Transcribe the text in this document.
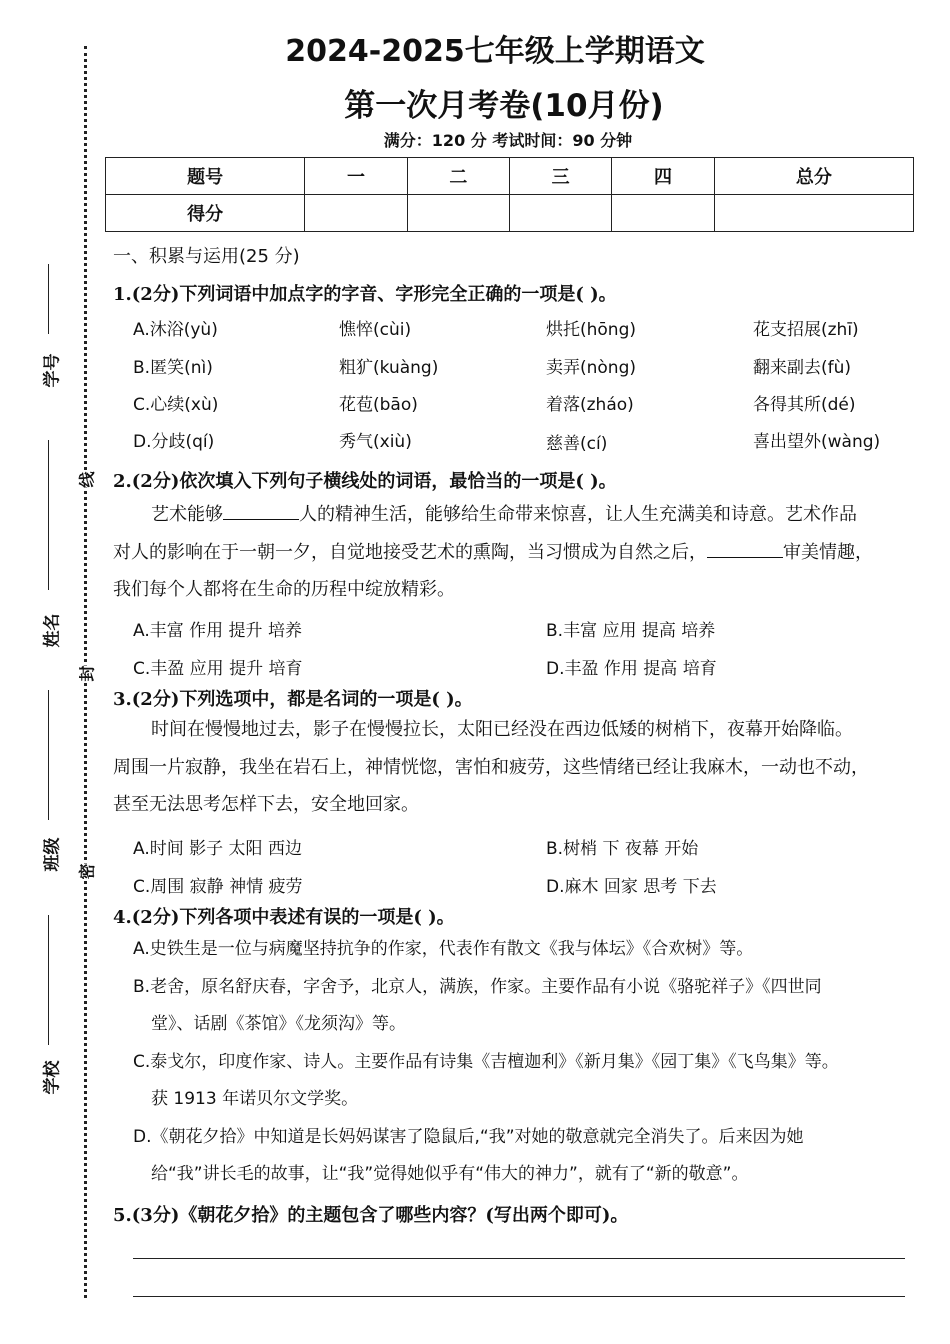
学号
姓名
班级
学校
线
封
密
2024-2025七年级上学期语文
第一次月考卷(10月份)
满分：120 分 考试时间：90 分钟
题号	一	二	三	四	总分
得分					
一、积累与运用(25 分)
1.(2分)下列词语中加点字的字音、字形完全正确的一项是( )。
A.沐浴(yù)	憔悴(cùi)	烘托(hōng)	花支招展(zhī)
B.匿笑(nì)	粗犷(kuàng)	卖弄(nòng)	翻来副去(fù)
C.心续(xù)	花苞(bāo)	着落(zháo)	各得其所(dé)
D.分歧(qí)	秀气(xiù)	慈善(cí)	喜出望外(wàng)
2.(2分)依次填入下列句子横线处的词语，最恰当的一项是( )。
艺术能够	人的精神生活，能够给生命带来惊喜，让人生充满美和诗意。艺术作品
对人的影响在于一朝一夕，自觉地接受艺术的熏陶，当习惯成为自然之后，	审美情趣，
我们每个人都将在生命的历程中绽放精彩。
A.丰富 作用 提升 培养	B.丰富 应用 提高 培养
C.丰盈 应用 提升 培育	D.丰盈 作用 提高 培育
3.(2分)下列选项中，都是名词的一项是( )。
时间在慢慢地过去，影子在慢慢拉长，太阳已经没在西边低矮的树梢下，夜幕开始降临。
周围一片寂静，我坐在岩石上，神情恍惚，害怕和疲劳，这些情绪已经让我麻木，一动也不动，
甚至无法思考怎样下去，安全地回家。
A.时间 影子 太阳 西边	B.树梢 下 夜幕 开始
C.周围 寂静 神情 疲劳	D.麻木 回家 思考 下去
4.(2分)下列各项中表述有误的一项是( )。
A.史铁生是一位与病魔坚持抗争的作家，代表作有散文《我与体坛》《合欢树》等。
B.老舍，原名舒庆春，字舍予，北京人，满族，作家。主要作品有小说《骆驼祥子》《四世同
堂》、话剧《茶馆》《龙须沟》等。
C.泰戈尔，印度作家、诗人。主要作品有诗集《吉檀迦利》《新月集》《园丁集》《飞鸟集》等。
获 1913 年诺贝尔文学奖。
D.《朝花夕拾》中知道是长妈妈谋害了隐鼠后,“我”对她的敬意就完全消失了。后来因为她
给“我”讲长毛的故事，让“我”觉得她似乎有“伟大的神力”，就有了“新的敬意”。
5.(3分)《朝花夕拾》的主题包含了哪些内容？(写出两个即可)。
